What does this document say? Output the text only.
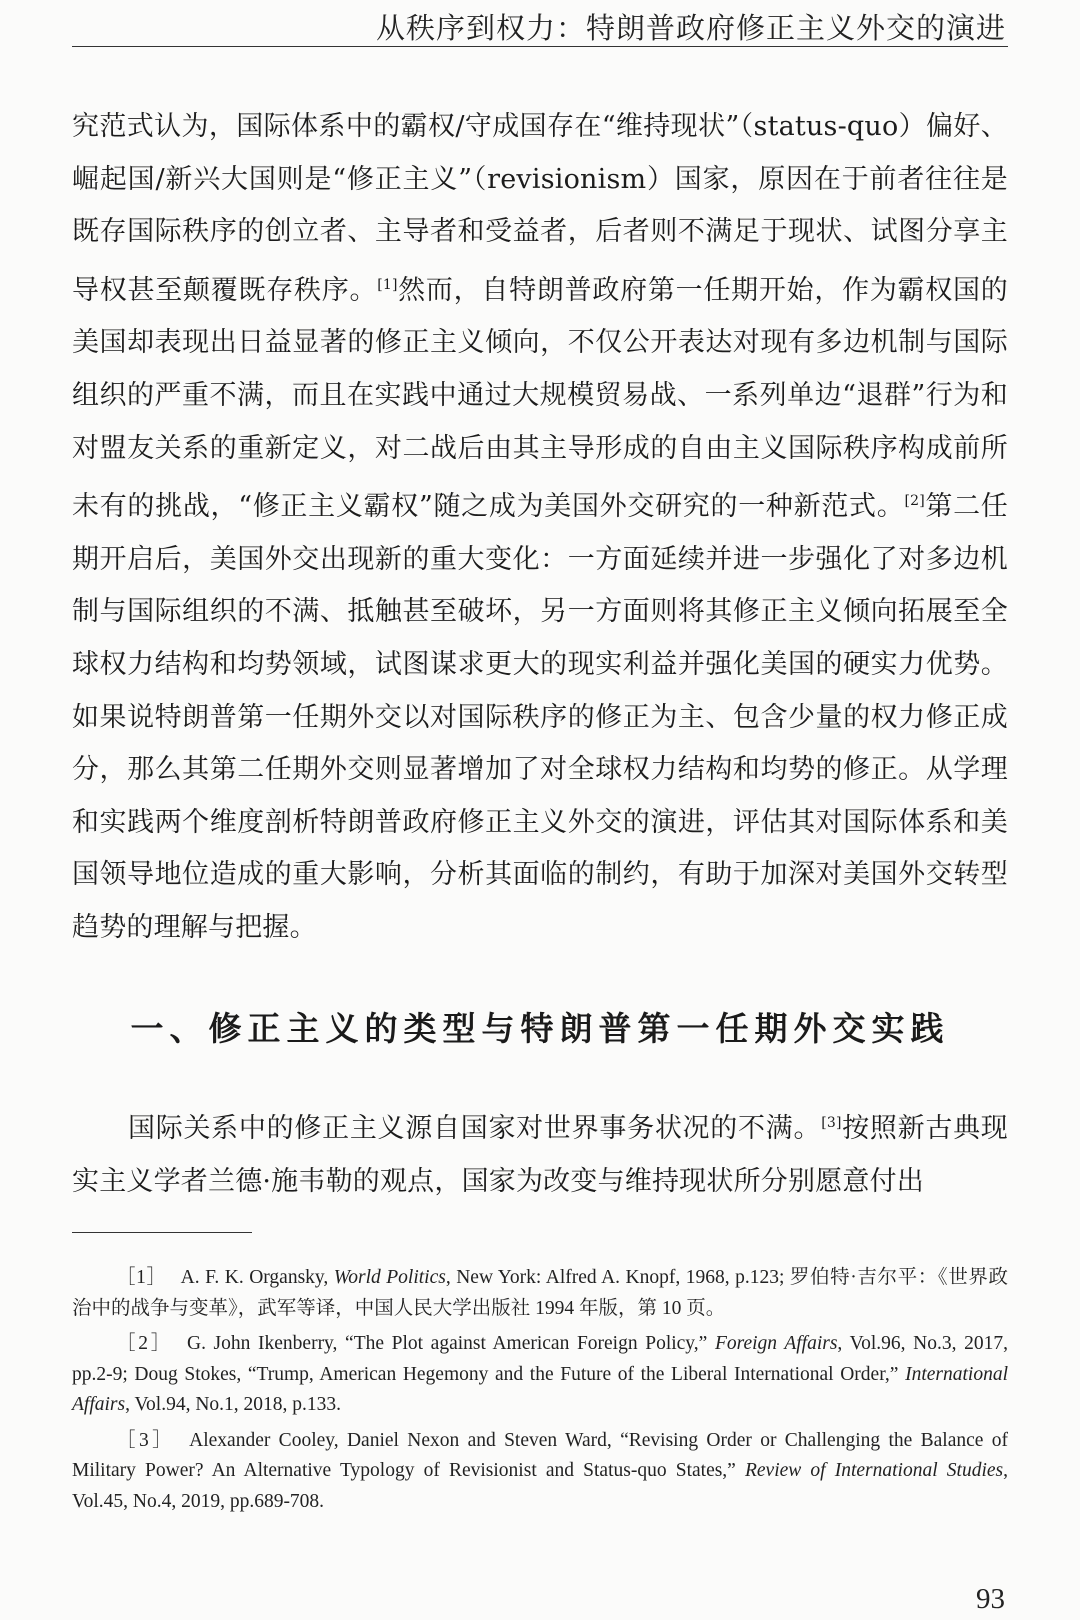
从秩序到权力：特朗普政府修正主义外交的演进

究范式认为，国际体系中的霸权/守成国存在“维持现状”（status-quo）偏好、崛起国/新兴大国则是“修正主义”（revisionism）国家，原因在于前者往往是既存国际秩序的创立者、主导者和受益者，后者则不满足于现状、试图分享主导权甚至颠覆既存秩序。[1]然而，自特朗普政府第一任期开始，作为霸权国的美国却表现出日益显著的修正主义倾向，不仅公开表达对现有多边机制与国际组织的严重不满，而且在实践中通过大规模贸易战、一系列单边“退群”行为和对盟友关系的重新定义，对二战后由其主导形成的自由主义国际秩序构成前所未有的挑战，“修正主义霸权”随之成为美国外交研究的一种新范式。[2]第二任期开启后，美国外交出现新的重大变化：一方面延续并进一步强化了对多边机制与国际组织的不满、抵触甚至破坏，另一方面则将其修正主义倾向拓展至全球权力结构和均势领域，试图谋求更大的现实利益并强化美国的硬实力优势。如果说特朗普第一任期外交以对国际秩序的修正为主、包含少量的权力修正成分，那么其第二任期外交则显著增加了对全球权力结构和均势的修正。从学理和实践两个维度剖析特朗普政府修正主义外交的演进，评估其对国际体系和美国领导地位造成的重大影响，分析其面临的制约，有助于加深对美国外交转型趋势的理解与把握。

一、修正主义的类型与特朗普第一任期外交实践

国际关系中的修正主义源自国家对世界事务状况的不满。[3]按照新古典现实主义学者兰德·施韦勒的观点，国家为改变与维持现状所分别愿意付出

［1］ A. F. K. Organsky, World Politics, New York: Alfred A. Knopf, 1968, p.123; 罗伯特·吉尔平：《世界政治中的战争与变革》，武军等译，中国人民大学出版社 1994 年版，第 10 页。

［2］ G. John Ikenberry, “The Plot against American Foreign Policy,” Foreign Affairs, Vol.96, No.3, 2017, pp.2-9; Doug Stokes, “Trump, American Hegemony and the Future of the Liberal International Order,” International Affairs, Vol.94, No.1, 2018, p.133.

［3］ Alexander Cooley, Daniel Nexon and Steven Ward, “Revising Order or Challenging the Balance of Military Power? An Alternative Typology of Revisionist and Status-quo States,” Review of International Studies, Vol.45, No.4, 2019, pp.689-708.

93
